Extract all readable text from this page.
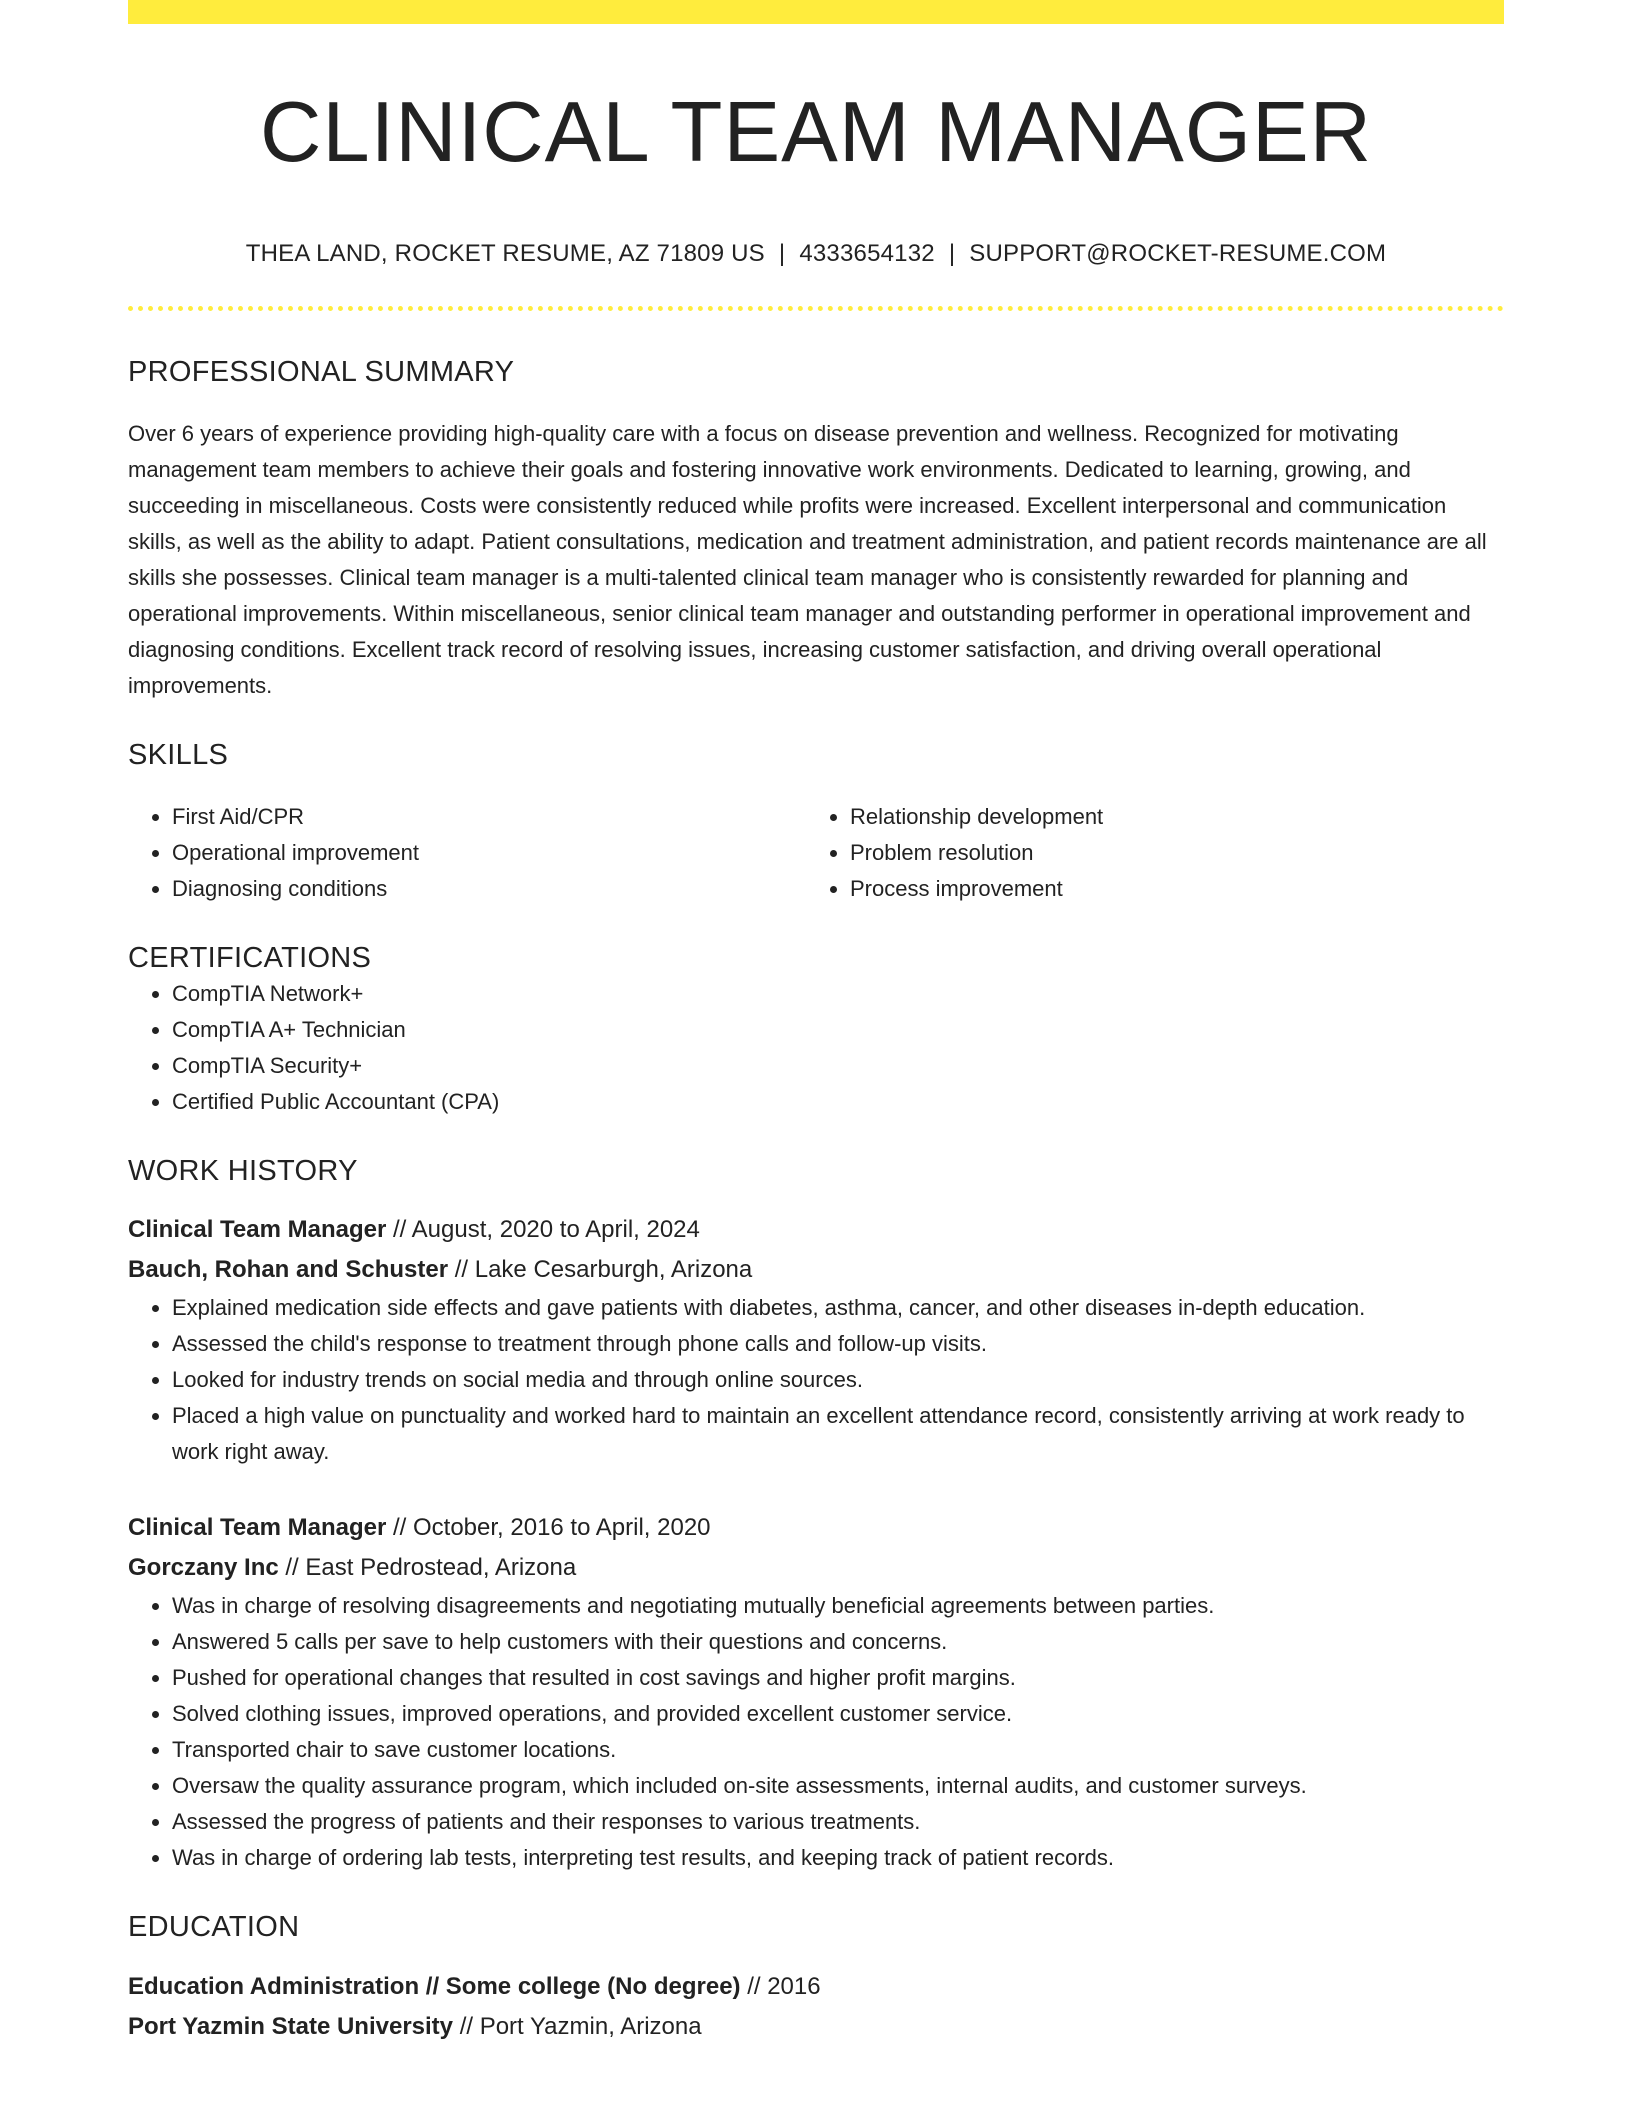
CLINICAL TEAM MANAGER
THEA LAND, ROCKET RESUME, AZ 71809 US | 4333654132 | SUPPORT@ROCKET-RESUME.COM
PROFESSIONAL SUMMARY

Over 6 years of experience providing high-quality care with a focus on disease prevention and wellness. Recognized for motivating management team members to achieve their goals and fostering innovative work environments. Dedicated to learning, growing, and succeeding in miscellaneous. Costs were consistently reduced while profits were increased. Excellent interpersonal and communication skills, as well as the ability to adapt. Patient consultations, medication and treatment administration, and patient records maintenance are all skills she possesses. Clinical team manager is a multi-talented clinical team manager who is consistently rewarded for planning and operational improvements. Within miscellaneous, senior clinical team manager and outstanding performer in operational improvement and diagnosing conditions. Excellent track record of resolving issues, increasing customer satisfaction, and driving overall operational improvements.

SKILLS
• First Aid/CPR
• Operational improvement
• Diagnosing conditions
• Relationship development
• Problem resolution
• Process improvement
CERTIFICATIONS
• CompTIA Network+
• CompTIA A+ Technician
• CompTIA Security+
• Certified Public Accountant (CPA)
WORK HISTORY
Clinical Team Manager // August, 2020 to April, 2024
Bauch, Rohan and Schuster // Lake Cesarburgh, Arizona
• Explained medication side effects and gave patients with diabetes, asthma, cancer, and other diseases in-depth education.
• Assessed the child's response to treatment through phone calls and follow-up visits.
• Looked for industry trends on social media and through online sources.
• Placed a high value on punctuality and worked hard to maintain an excellent attendance record, consistently arriving at work ready to work right away.
Clinical Team Manager // October, 2016 to April, 2020
Gorczany Inc // East Pedrostead, Arizona
• Was in charge of resolving disagreements and negotiating mutually beneficial agreements between parties.
• Answered 5 calls per save to help customers with their questions and concerns.
• Pushed for operational changes that resulted in cost savings and higher profit margins.
• Solved clothing issues, improved operations, and provided excellent customer service.
• Transported chair to save customer locations.
• Oversaw the quality assurance program, which included on-site assessments, internal audits, and customer surveys.
• Assessed the progress of patients and their responses to various treatments.
• Was in charge of ordering lab tests, interpreting test results, and keeping track of patient records.
EDUCATION
Education Administration // Some college (No degree) // 2016
Port Yazmin State University // Port Yazmin, Arizona
